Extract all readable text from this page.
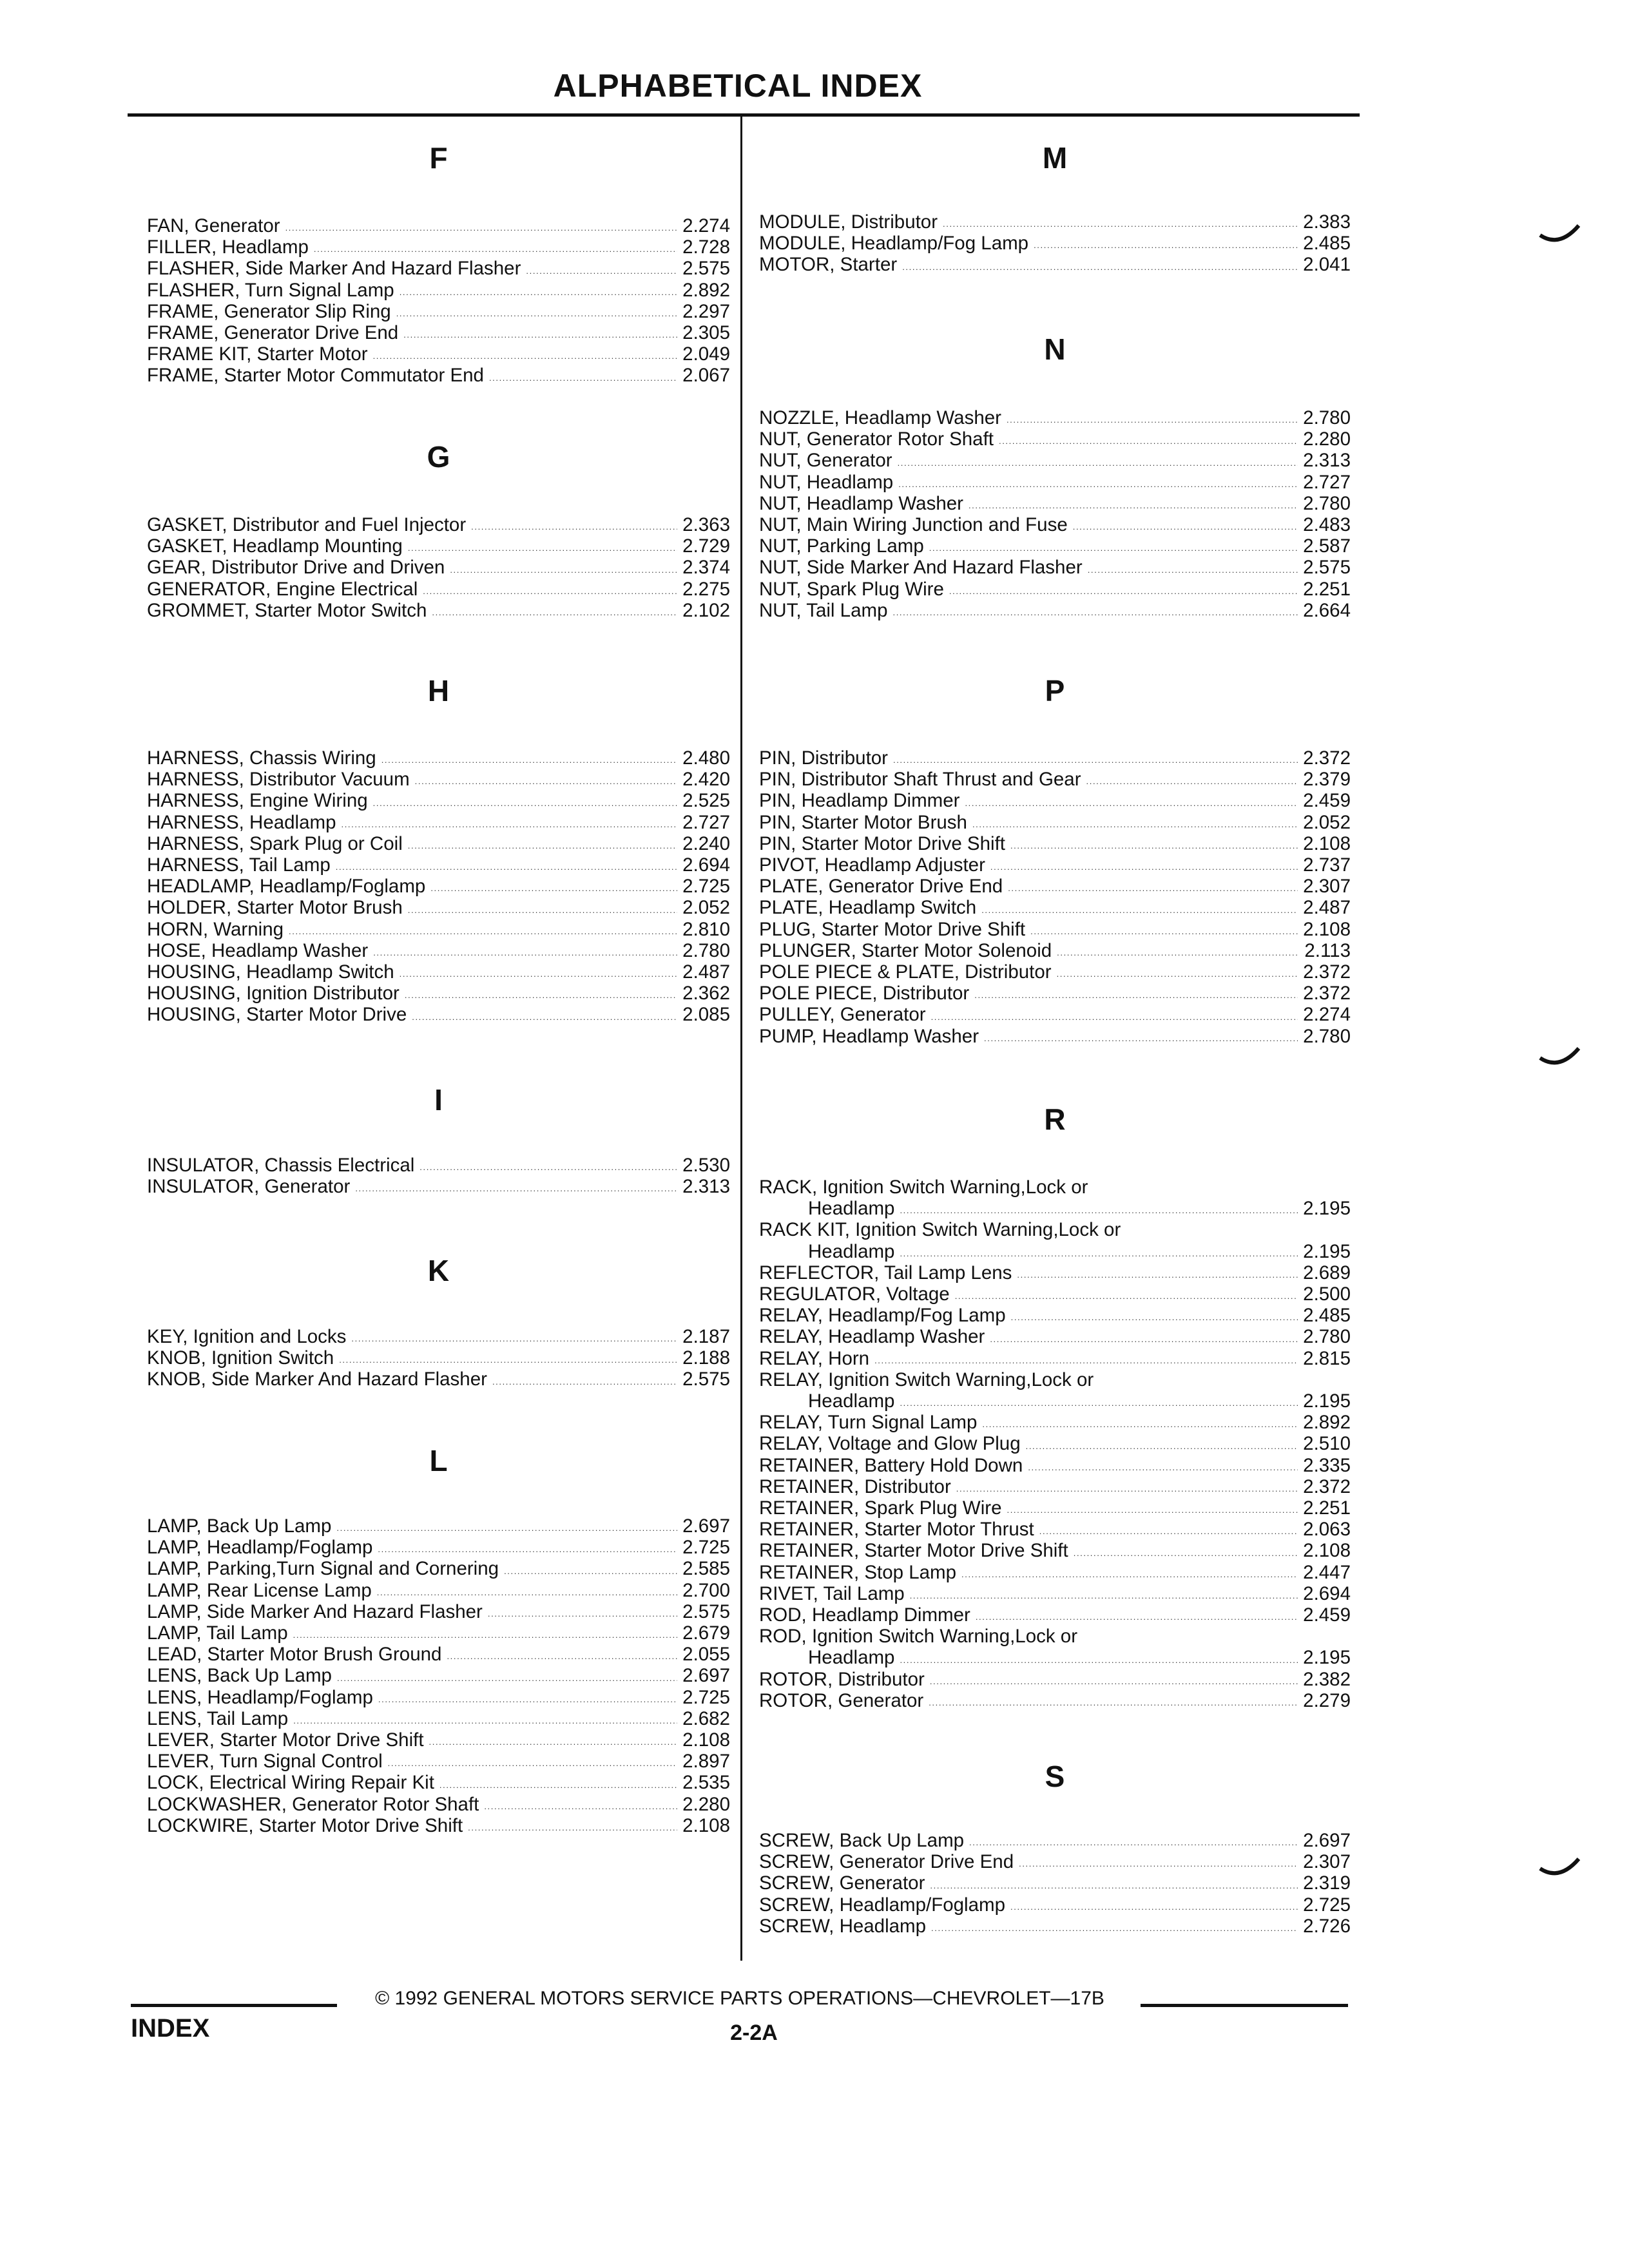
ALPHABETICAL INDEX
F
FAN, Generator .....	2.274
FILLER, Headlamp .....	2.728
FLASHER, Side Marker And Hazard Flasher .....	2.575
FLASHER, Turn Signal Lamp .....	2.892
FRAME, Generator Slip Ring .....	2.297
FRAME, Generator Drive End .....	2.305
FRAME KIT, Starter Motor .....	2.049
FRAME, Starter Motor Commutator End .....	2.067
G
GASKET, Distributor and Fuel Injector .....	2.363
GASKET, Headlamp Mounting .....	2.729
GEAR, Distributor Drive and Driven .....	2.374
GENERATOR, Engine Electrical .....	2.275
GROMMET, Starter Motor Switch .....	2.102
H
HARNESS, Chassis Wiring .....	2.480
HARNESS, Distributor Vacuum .....	2.420
HARNESS, Engine Wiring .....	2.525
HARNESS, Headlamp .....	2.727
HARNESS, Spark Plug or Coil .....	2.240
HARNESS, Tail Lamp .....	2.694
HEADLAMP, Headlamp/Foglamp .....	2.725
HOLDER, Starter Motor Brush .....	2.052
HORN, Warning .....	2.810
HOSE, Headlamp Washer .....	2.780
HOUSING, Headlamp Switch .....	2.487
HOUSING, Ignition Distributor .....	2.362
HOUSING, Starter Motor Drive .....	2.085
I
INSULATOR, Chassis Electrical .....	2.530
INSULATOR, Generator .....	2.313
K
KEY, Ignition and Locks .....	2.187
KNOB, Ignition Switch .....	2.188
KNOB, Side Marker And Hazard Flasher .....	2.575
L
LAMP, Back Up Lamp .....	2.697
LAMP, Headlamp/Foglamp .....	2.725
LAMP, Parking,Turn Signal and Cornering .....	2.585
LAMP, Rear License Lamp .....	2.700
LAMP, Side Marker And Hazard Flasher .....	2.575
LAMP, Tail Lamp .....	2.679
LEAD, Starter Motor Brush Ground .....	2.055
LENS, Back Up Lamp .....	2.697
LENS, Headlamp/Foglamp .....	2.725
LENS, Tail Lamp .....	2.682
LEVER, Starter Motor Drive Shift .....	2.108
LEVER, Turn Signal Control .....	2.897
LOCK, Electrical Wiring Repair Kit .....	2.535
LOCKWASHER, Generator Rotor Shaft .....	2.280
LOCKWIRE, Starter Motor Drive Shift .....	2.108
M
MODULE, Distributor .....	2.383
MODULE, Headlamp/Fog Lamp .....	2.485
MOTOR, Starter .....	2.041
N
NOZZLE, Headlamp Washer .....	2.780
NUT, Generator Rotor Shaft .....	2.280
NUT, Generator .....	2.313
NUT, Headlamp .....	2.727
NUT, Headlamp Washer .....	2.780
NUT, Main Wiring Junction and Fuse .....	2.483
NUT, Parking Lamp .....	2.587
NUT, Side Marker And Hazard Flasher .....	2.575
NUT, Spark Plug Wire .....	2.251
NUT, Tail Lamp .....	2.664
P
PIN, Distributor .....	2.372
PIN, Distributor Shaft Thrust and Gear .....	2.379
PIN, Headlamp Dimmer .....	2.459
PIN, Starter Motor Brush .....	2.052
PIN, Starter Motor Drive Shift .....	2.108
PIVOT, Headlamp Adjuster .....	2.737
PLATE, Generator Drive End .....	2.307
PLATE, Headlamp Switch .....	2.487
PLUG, Starter Motor Drive Shift .....	2.108
PLUNGER, Starter Motor Solenoid .....	2.113
POLE PIECE & PLATE, Distributor .....	2.372
POLE PIECE, Distributor .....	2.372
PULLEY, Generator .....	2.274
PUMP, Headlamp Washer .....	2.780
R
RACK, Ignition Switch Warning,Lock or
Headlamp .....	2.195
RACK KIT, Ignition Switch Warning,Lock or
Headlamp .....	2.195
REFLECTOR, Tail Lamp Lens .....	2.689
REGULATOR, Voltage .....	2.500
RELAY, Headlamp/Fog Lamp .....	2.485
RELAY, Headlamp Washer .....	2.780
RELAY, Horn .....	2.815
RELAY, Ignition Switch Warning,Lock or
Headlamp .....	2.195
RELAY, Turn Signal Lamp .....	2.892
RELAY, Voltage and Glow Plug .....	2.510
RETAINER, Battery Hold Down .....	2.335
RETAINER, Distributor .....	2.372
RETAINER, Spark Plug Wire .....	2.251
RETAINER, Starter Motor Thrust .....	2.063
RETAINER, Starter Motor Drive Shift .....	2.108
RETAINER, Stop Lamp .....	2.447
RIVET, Tail Lamp .....	2.694
ROD, Headlamp Dimmer .....	2.459
ROD, Ignition Switch Warning,Lock or
Headlamp .....	2.195
ROTOR, Distributor .....	2.382
ROTOR, Generator .....	2.279
S
SCREW, Back Up Lamp .....	2.697
SCREW, Generator Drive End .....	2.307
SCREW, Generator .....	2.319
SCREW, Headlamp/Foglamp .....	2.725
SCREW, Headlamp .....	2.726
© 1992 GENERAL MOTORS SERVICE PARTS OPERATIONS—CHEVROLET—17B
INDEX	2-2A
